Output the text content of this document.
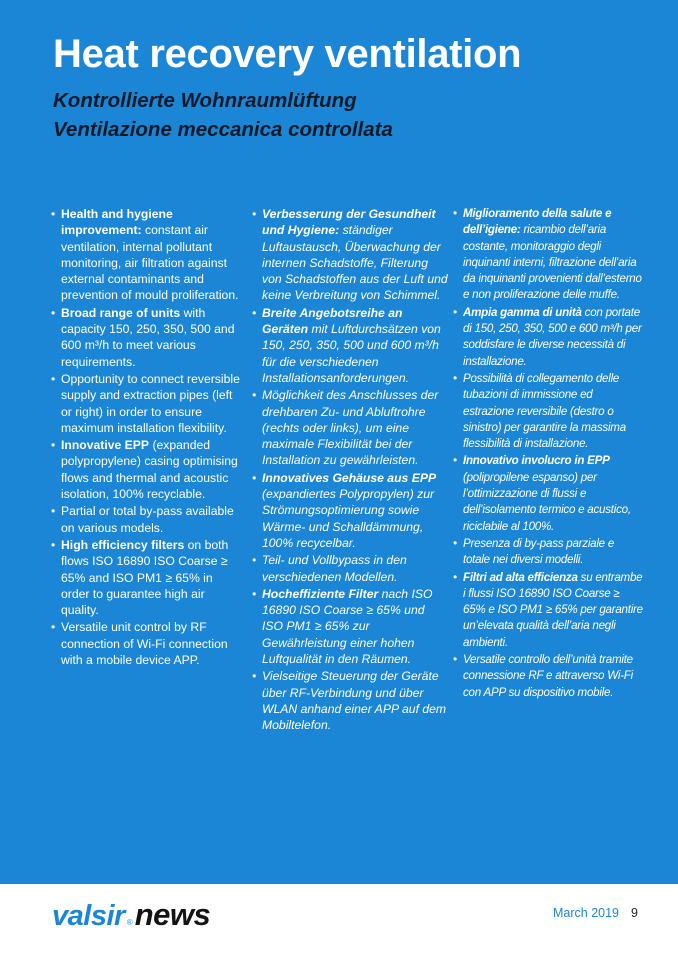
Heat recovery ventilation
Kontrollierte Wohnraumlüftung
Ventilazione meccanica controllata
• Health and hygiene improvement: constant air ventilation, internal pollutant monitoring, air filtration against external contaminants and prevention of mould proliferation.
• Broad range of units with capacity 150, 250, 350, 500 and 600 m³/h to meet various requirements.
• Opportunity to connect reversible supply and extraction pipes (left or right) in order to ensure maximum installation flexibility.
• Innovative EPP (expanded polypropylene) casing optimising flows and thermal and acoustic isolation, 100% recyclable.
• Partial or total by-pass available on various models.
• High efficiency filters on both flows ISO 16890 ISO Coarse ≥ 65% and ISO PM1 ≥ 65% in order to guarantee high air quality.
• Versatile unit control by RF connection of Wi-Fi connection with a mobile device APP.
• Verbesserung der Gesundheit und Hygiene: ständiger Luftaustausch, Überwachung der internen Schadstoffe, Filterung von Schadstoffen aus der Luft und keine Verbreitung von Schimmel.
• Breite Angebotsreihe an Geräten mit Luftdurchsätzen von 150, 250, 350, 500 und 600 m³/h für die verschiedenen Installationsanforderungen.
• Möglichkeit des Anschlusses der drehbaren Zu- und Abluftrohre (rechts oder links), um eine maximale Flexibilität bei der Installation zu gewährleisten.
• Innovatives Gehäuse aus EPP (expandiertes Polypropylen) zur Strömungsoptimierung sowie Wärme- und Schalldämmung, 100% recycelbar.
• Teil- und Vollbypass in den verschiedenen Modellen.
• Hocheffiziente Filter nach ISO 16890 ISO Coarse ≥ 65% und ISO PM1 ≥ 65% zur Gewährleistung einer hohen Luftqualität in den Räumen.
• Vielseitige Steuerung der Geräte über RF-Verbindung und über WLAN anhand einer APP auf dem Mobiltelefon.
• Miglioramento della salute e dell’igiene: ricambio dell’aria costante, monitoraggio degli inquinanti interni, filtrazione dell’aria da inquinanti provenienti dall’esterno e non proliferazione delle muffe.
• Ampia gamma di unità con portate di 150, 250, 350, 500 e 600 m³/h per soddisfare le diverse necessità di installazione.
• Possibilità di collegamento delle tubazioni di immissione ed estrazione reversibile (destro o sinistro) per garantire la massima flessibilità di installazione.
• Innovativo involucro in EPP (polipropilene espanso) per l’ottimizzazione di flussi e dell’isolamento termico e acustico, riciclabile al 100%.
• Presenza di by-pass parziale e totale nei diversi modelli.
• Filtri ad alta efficienza su entrambe i flussi ISO 16890 ISO Coarse ≥ 65% e ISO PM1 ≥ 65% per garantire un’elevata qualità dell’aria negli ambienti.
• Versatile controllo dell’unità tramite connessione RF e attraverso Wi-Fi con APP su dispositivo mobile.
valsir ® news	March 2019 9
